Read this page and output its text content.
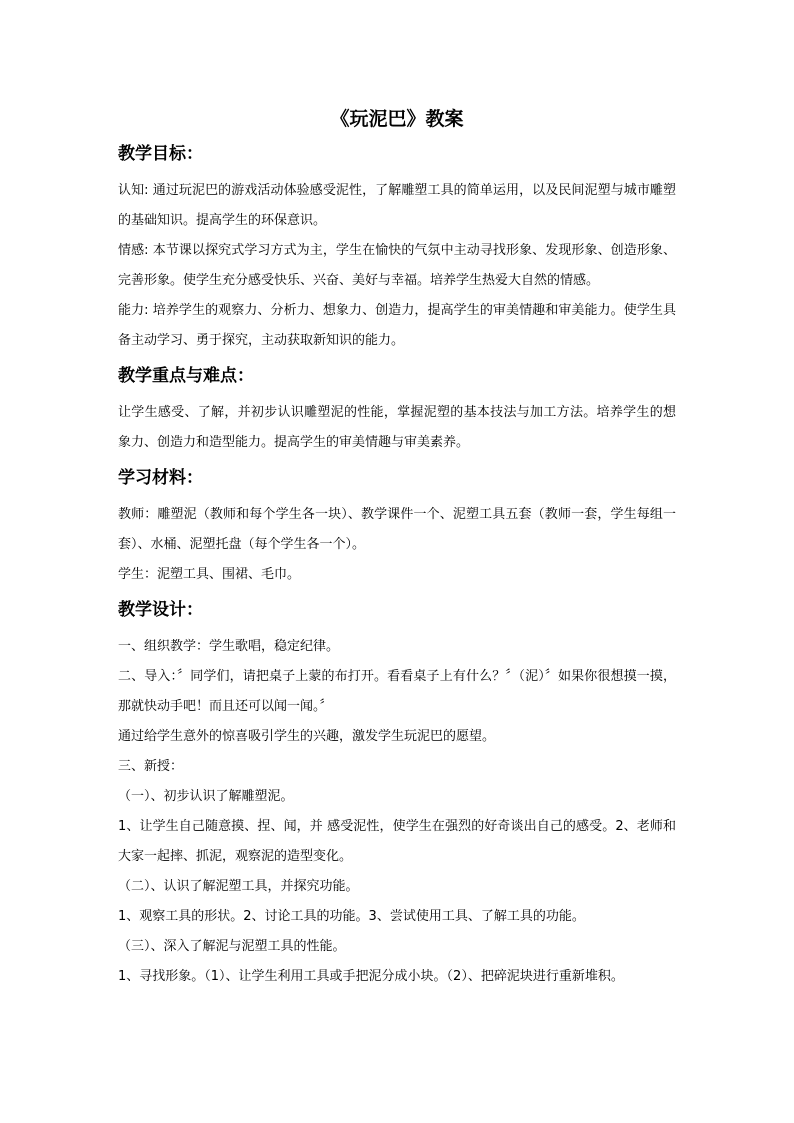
《玩泥巴》教案
教学目标：

认知: 通过玩泥巴的游戏活动体验感受泥性，了解雕塑工具的简单运用，以及民间泥塑与城市雕塑的基础知识。提高学生的环保意识。

情感: 本节课以探究式学习方式为主，学生在愉快的气氛中主动寻找形象、发现形象、创造形象、完善形象。使学生充分感受快乐、兴奋、美好与幸福。培养学生热爱大自然的情感。

能力: 培养学生的观察力、分析力、想象力、创造力，提高学生的审美情趣和审美能力。使学生具备主动学习、勇于探究，主动获取新知识的能力。

教学重点与难点：

让学生感受、了解，并初步认识雕塑泥的性能，掌握泥塑的基本技法与加工方法。培养学生的想象力、创造力和造型能力。提高学生的审美情趣与审美素养。

学习材料：

教师：雕塑泥（教师和每个学生各一块）、教学课件一个、泥塑工具五套（教师一套，学生每组一套）、水桶、泥塑托盘（每个学生各一个）。

学生：泥塑工具、围裙、毛巾。

教学设计：

一、组织教学：学生歌唱，稳定纪律。

二、导入：〞同学们，请把桌子上蒙的布打开。看看桌子上有什么？〞（泥）〞如果你很想摸一摸，那就快动手吧！而且还可以闻一闻。〞

通过给学生意外的惊喜吸引学生的兴趣，激发学生玩泥巴的愿望。

三、新授：

（一）、初步认识了解雕塑泥。

1、让学生自己随意摸、捏、闻，并 感受泥性，使学生在强烈的好奇谈出自己的感受。2、老师和大家一起摔、抓泥，观察泥的造型变化。

（二）、认识了解泥塑工具，并探究功能。

1、观察工具的形状。2、讨论工具的功能。3、尝试使用工具、了解工具的功能。

（三）、深入了解泥与泥塑工具的性能。

1、寻找形象。（1）、让学生利用工具或手把泥分成小块。（2）、把碎泥块进行重新堆积。
